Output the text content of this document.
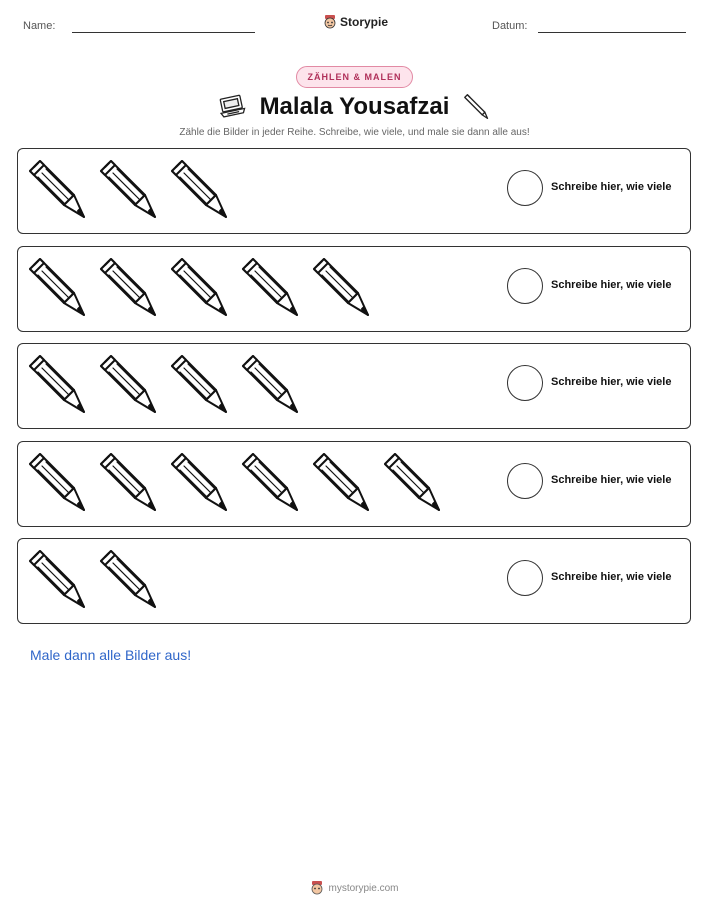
Name:	Storypie	Datum:
ZÄHLEN & MALEN
Malala Yousafzai
Zähle die Bilder in jeder Reihe. Schreibe, wie viele, und male sie dann alle aus!
Schreibe hier, wie viele
Schreibe hier, wie viele
Schreibe hier, wie viele
Schreibe hier, wie viele
Schreibe hier, wie viele
Male dann alle Bilder aus!
mystorypie.com
